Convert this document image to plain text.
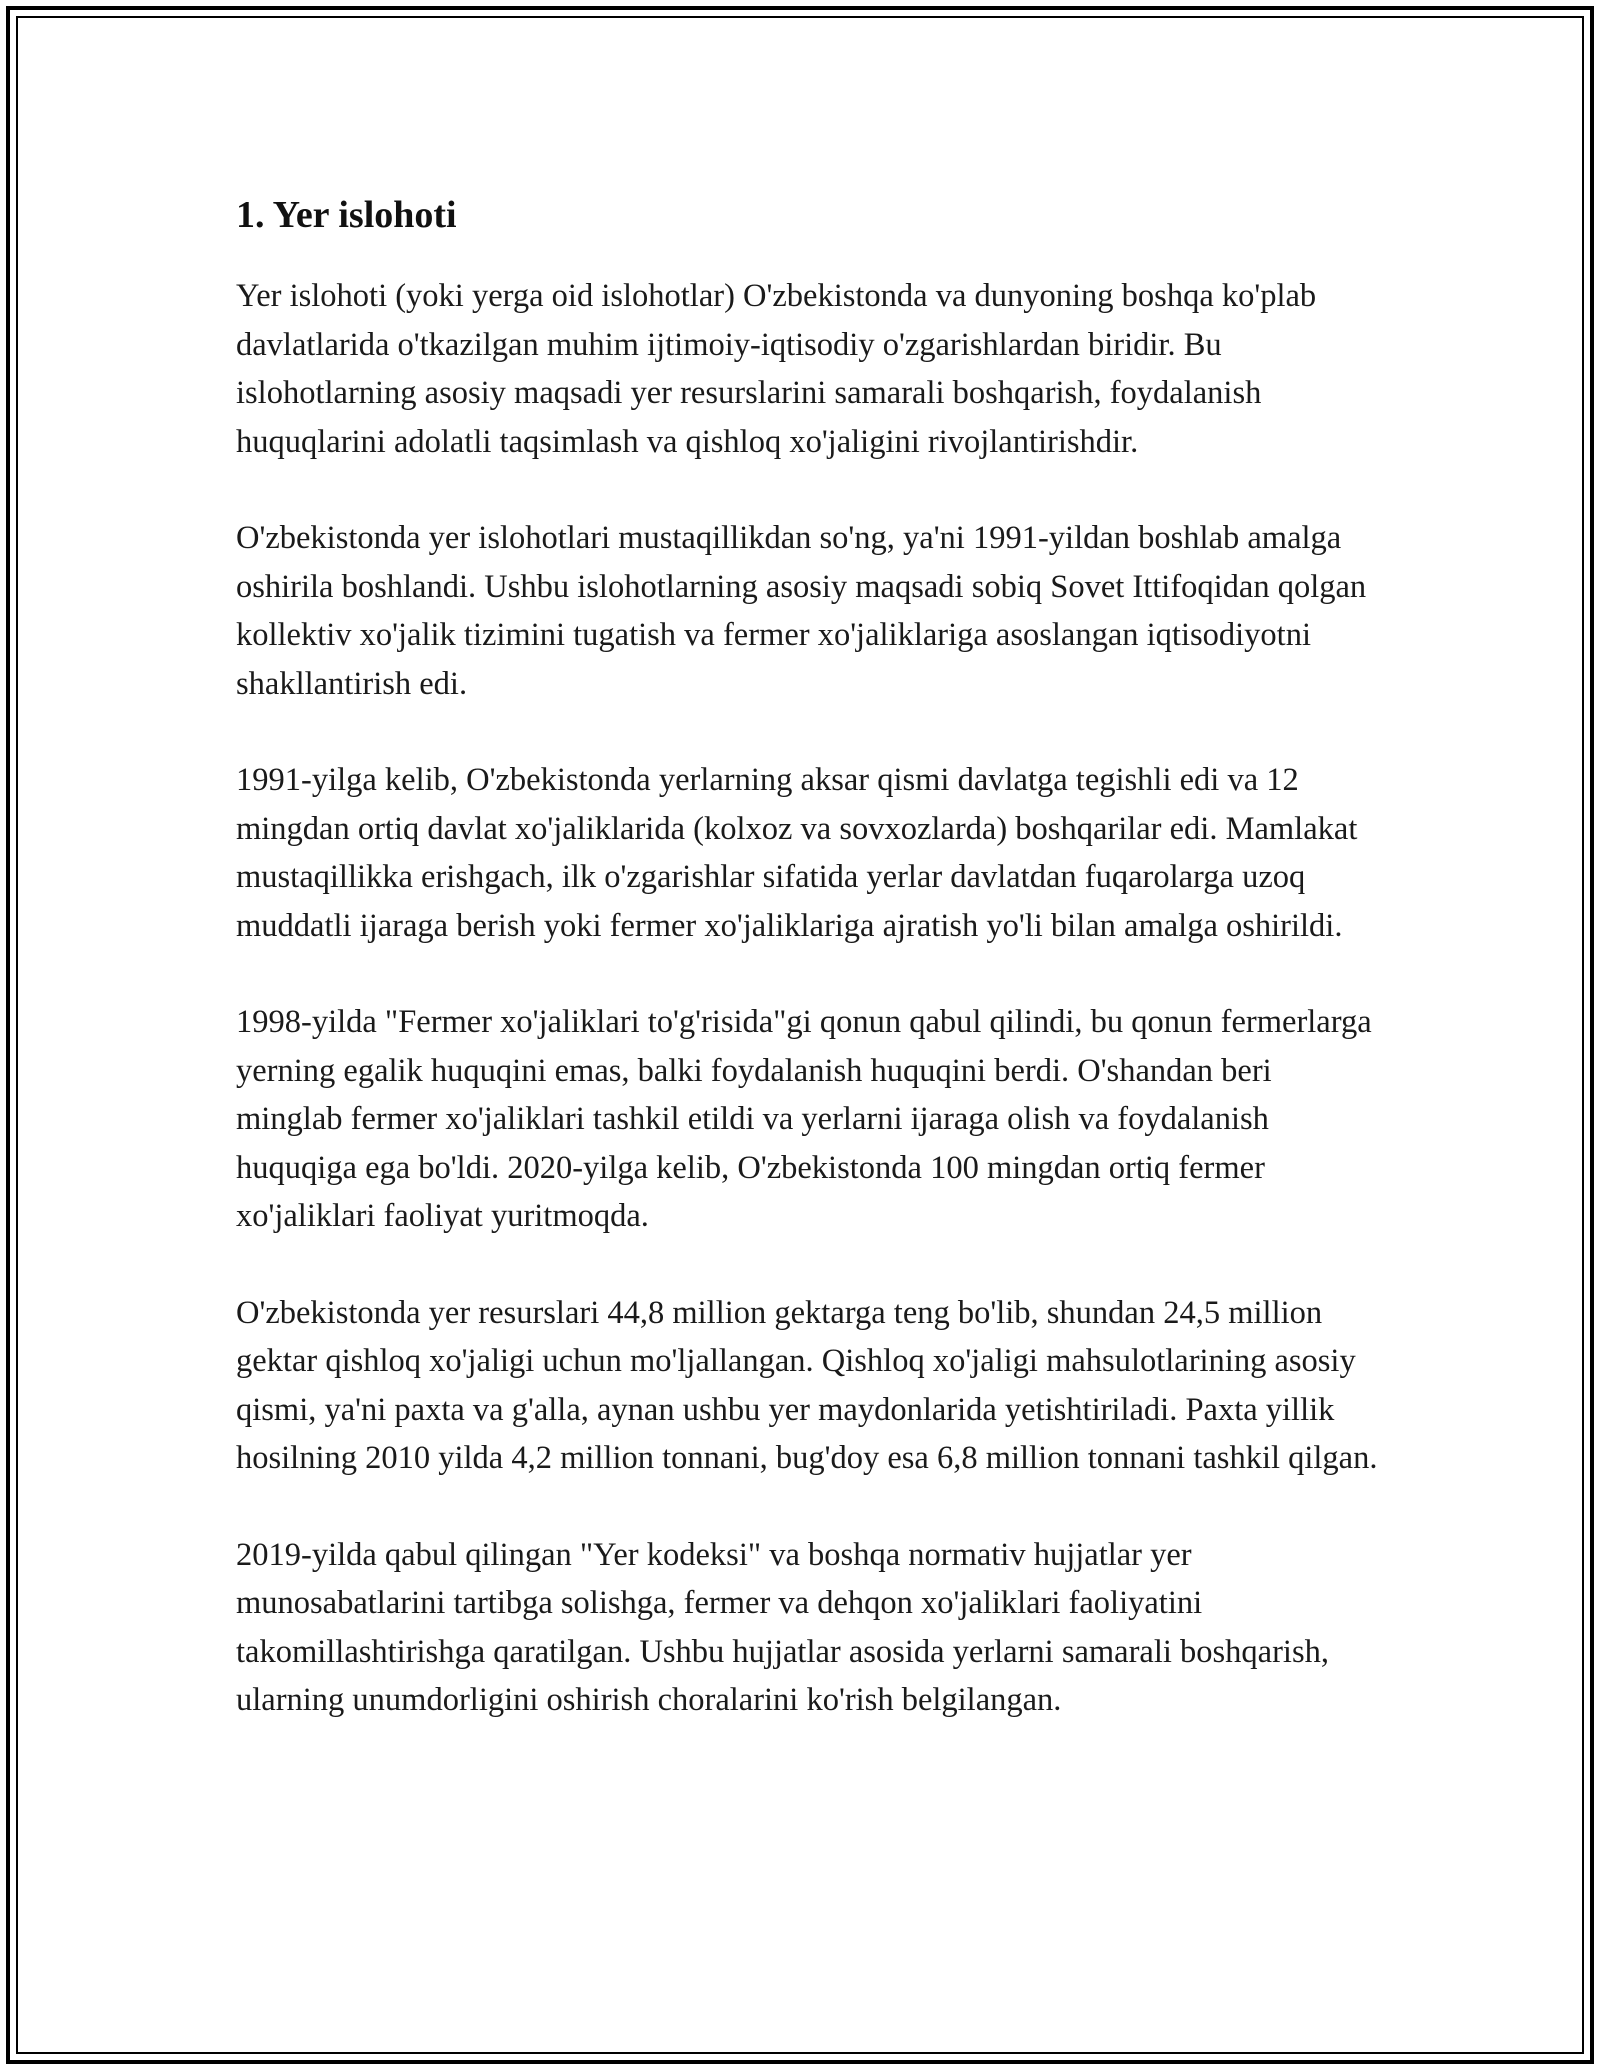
1. Yer islohoti

Yer islohoti (yoki yerga oid islohotlar) O'zbekistonda va dunyoning boshqa ko'plab davlatlarida o'tkazilgan muhim ijtimoiy-iqtisodiy o'zgarishlardan biridir. Bu islohotlarning asosiy maqsadi yer resurslarini samarali boshqarish, foydalanish huquqlarini adolatli taqsimlash va qishloq xo'jaligini rivojlantirishdir.

O'zbekistonda yer islohotlari mustaqillikdan so'ng, ya'ni 1991-yildan boshlab amalga oshirila boshlandi. Ushbu islohotlarning asosiy maqsadi sobiq Sovet Ittifoqidan qolgan kollektiv xo'jalik tizimini tugatish va fermer xo'jaliklariga asoslangan iqtisodiyotni shakllantirish edi.

1991-yilga kelib, O'zbekistonda yerlarning aksar qismi davlatga tegishli edi va 12 mingdan ortiq davlat xo'jaliklarida (kolxoz va sovxozlarda) boshqarilar edi. Mamlakat mustaqillikka erishgach, ilk o'zgarishlar sifatida yerlar davlatdan fuqarolarga uzoq muddatli ijaraga berish yoki fermer xo'jaliklariga ajratish yo'li bilan amalga oshirildi.

1998-yilda "Fermer xo'jaliklari to'g'risida"gi qonun qabul qilindi, bu qonun fermerlarga yerning egalik huquqini emas, balki foydalanish huquqini berdi. O'shandan beri minglab fermer xo'jaliklari tashkil etildi va yerlarni ijaraga olish va foydalanish huquqiga ega bo'ldi. 2020-yilga kelib, O'zbekistonda 100 mingdan ortiq fermer xo'jaliklari faoliyat yuritmoqda.

O'zbekistonda yer resurslari 44,8 million gektarga teng bo'lib, shundan 24,5 million gektar qishloq xo'jaligi uchun mo'ljallangan. Qishloq xo'jaligi mahsulotlarining asosiy qismi, ya'ni paxta va g'alla, aynan ushbu yer maydonlarida yetishtiriladi. Paxta yillik hosilning 2010 yilda 4,2 million tonnani, bug'doy esa 6,8 million tonnani tashkil qilgan.

2019-yilda qabul qilingan "Yer kodeksi" va boshqa normativ hujjatlar yer munosabatlarini tartibga solishga, fermer va dehqon xo'jaliklari faoliyatini takomillashtirishga qaratilgan. Ushbu hujjatlar asosida yerlarni samarali boshqarish, ularning unumdorligini oshirish choralarini ko'rish belgilangan.
